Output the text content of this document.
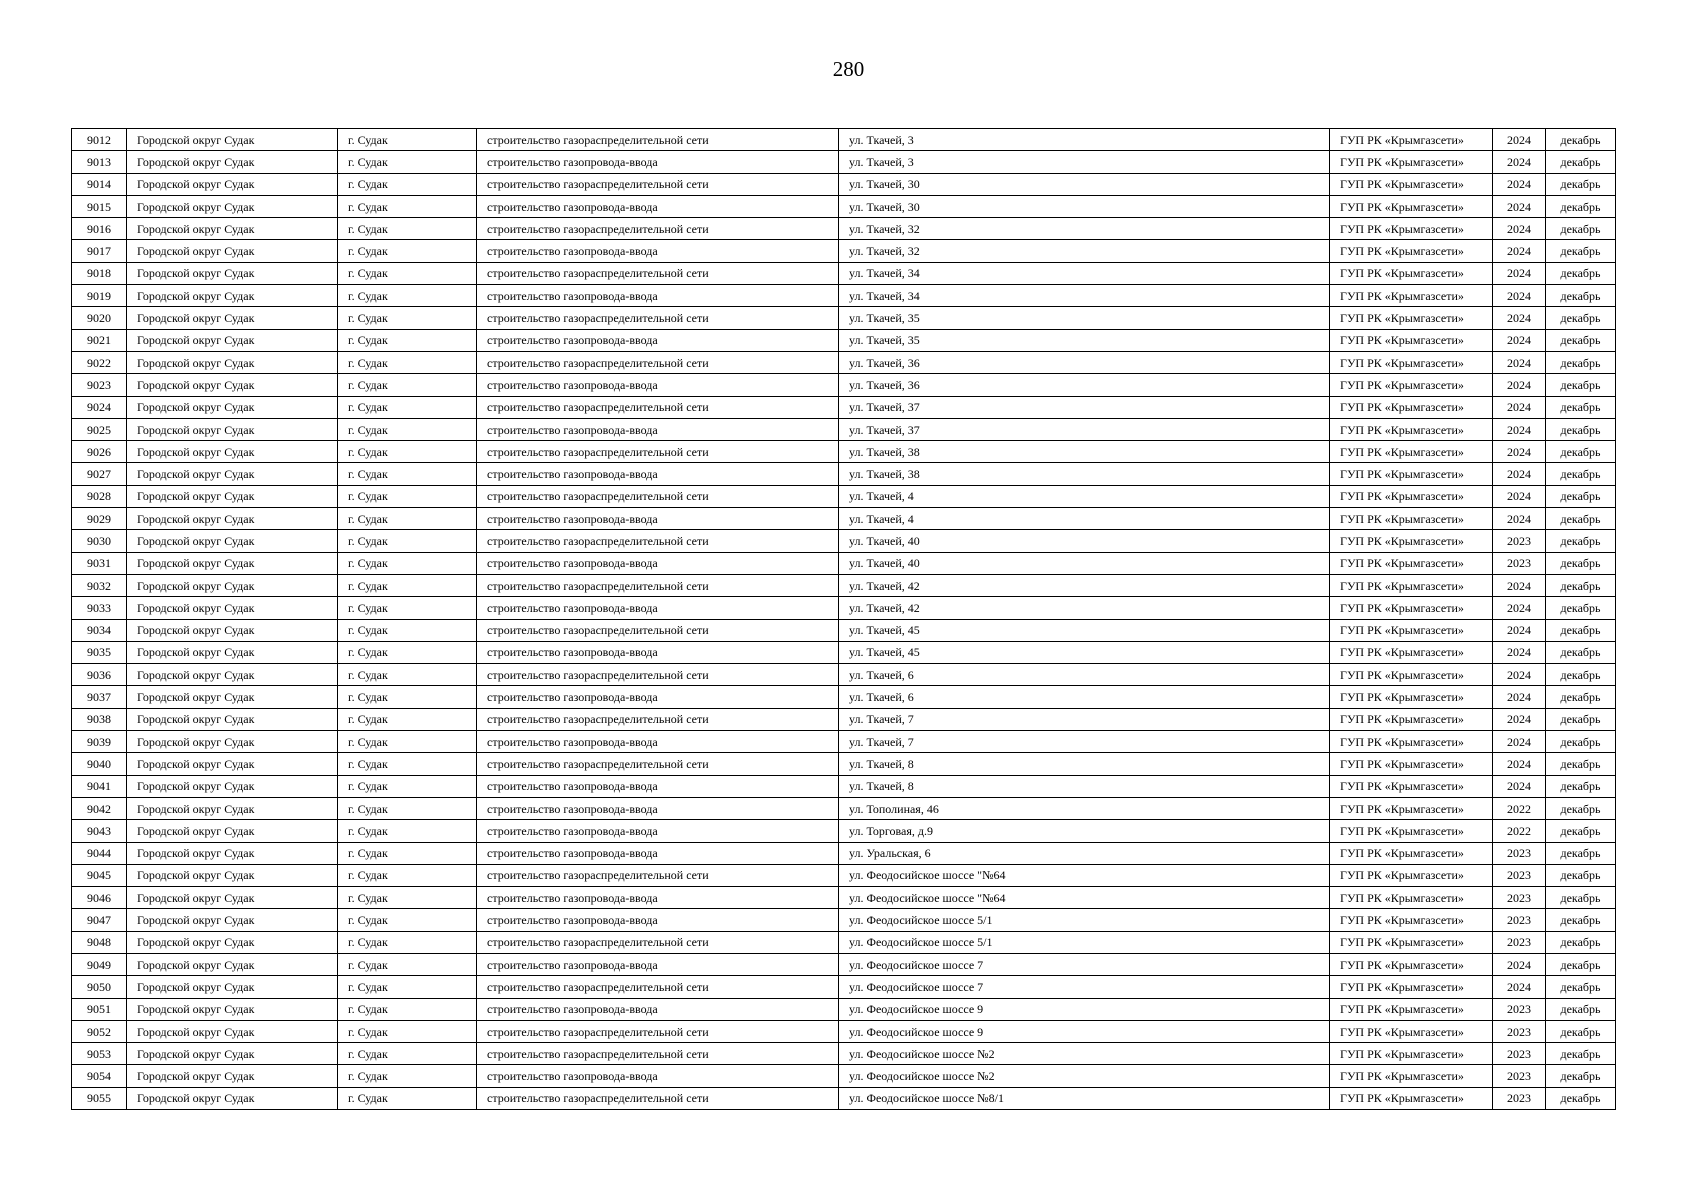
280
9012	Городской округ Судак	г. Судак	строительство газораспределительной сети	ул. Ткачей, 3	ГУП РК «Крымгазсети»	2024	декабрь
9013	Городской округ Судак	г. Судак	строительство газопровода-ввода	ул. Ткачей, 3	ГУП РК «Крымгазсети»	2024	декабрь
9014	Городской округ Судак	г. Судак	строительство газораспределительной сети	ул. Ткачей, 30	ГУП РК «Крымгазсети»	2024	декабрь
9015	Городской округ Судак	г. Судак	строительство газопровода-ввода	ул. Ткачей, 30	ГУП РК «Крымгазсети»	2024	декабрь
9016	Городской округ Судак	г. Судак	строительство газораспределительной сети	ул. Ткачей, 32	ГУП РК «Крымгазсети»	2024	декабрь
9017	Городской округ Судак	г. Судак	строительство газопровода-ввода	ул. Ткачей, 32	ГУП РК «Крымгазсети»	2024	декабрь
9018	Городской округ Судак	г. Судак	строительство газораспределительной сети	ул. Ткачей, 34	ГУП РК «Крымгазсети»	2024	декабрь
9019	Городской округ Судак	г. Судак	строительство газопровода-ввода	ул. Ткачей, 34	ГУП РК «Крымгазсети»	2024	декабрь
9020	Городской округ Судак	г. Судак	строительство газораспределительной сети	ул. Ткачей, 35	ГУП РК «Крымгазсети»	2024	декабрь
9021	Городской округ Судак	г. Судак	строительство газопровода-ввода	ул. Ткачей, 35	ГУП РК «Крымгазсети»	2024	декабрь
9022	Городской округ Судак	г. Судак	строительство газораспределительной сети	ул. Ткачей, 36	ГУП РК «Крымгазсети»	2024	декабрь
9023	Городской округ Судак	г. Судак	строительство газопровода-ввода	ул. Ткачей, 36	ГУП РК «Крымгазсети»	2024	декабрь
9024	Городской округ Судак	г. Судак	строительство газораспределительной сети	ул. Ткачей, 37	ГУП РК «Крымгазсети»	2024	декабрь
9025	Городской округ Судак	г. Судак	строительство газопровода-ввода	ул. Ткачей, 37	ГУП РК «Крымгазсети»	2024	декабрь
9026	Городской округ Судак	г. Судак	строительство газораспределительной сети	ул. Ткачей, 38	ГУП РК «Крымгазсети»	2024	декабрь
9027	Городской округ Судак	г. Судак	строительство газопровода-ввода	ул. Ткачей, 38	ГУП РК «Крымгазсети»	2024	декабрь
9028	Городской округ Судак	г. Судак	строительство газораспределительной сети	ул. Ткачей, 4	ГУП РК «Крымгазсети»	2024	декабрь
9029	Городской округ Судак	г. Судак	строительство газопровода-ввода	ул. Ткачей, 4	ГУП РК «Крымгазсети»	2024	декабрь
9030	Городской округ Судак	г. Судак	строительство газораспределительной сети	ул. Ткачей, 40	ГУП РК «Крымгазсети»	2023	декабрь
9031	Городской округ Судак	г. Судак	строительство газопровода-ввода	ул. Ткачей, 40	ГУП РК «Крымгазсети»	2023	декабрь
9032	Городской округ Судак	г. Судак	строительство газораспределительной сети	ул. Ткачей, 42	ГУП РК «Крымгазсети»	2024	декабрь
9033	Городской округ Судак	г. Судак	строительство газопровода-ввода	ул. Ткачей, 42	ГУП РК «Крымгазсети»	2024	декабрь
9034	Городской округ Судак	г. Судак	строительство газораспределительной сети	ул. Ткачей, 45	ГУП РК «Крымгазсети»	2024	декабрь
9035	Городской округ Судак	г. Судак	строительство газопровода-ввода	ул. Ткачей, 45	ГУП РК «Крымгазсети»	2024	декабрь
9036	Городской округ Судак	г. Судак	строительство газораспределительной сети	ул. Ткачей, 6	ГУП РК «Крымгазсети»	2024	декабрь
9037	Городской округ Судак	г. Судак	строительство газопровода-ввода	ул. Ткачей, 6	ГУП РК «Крымгазсети»	2024	декабрь
9038	Городской округ Судак	г. Судак	строительство газораспределительной сети	ул. Ткачей, 7	ГУП РК «Крымгазсети»	2024	декабрь
9039	Городской округ Судак	г. Судак	строительство газопровода-ввода	ул. Ткачей, 7	ГУП РК «Крымгазсети»	2024	декабрь
9040	Городской округ Судак	г. Судак	строительство газораспределительной сети	ул. Ткачей, 8	ГУП РК «Крымгазсети»	2024	декабрь
9041	Городской округ Судак	г. Судак	строительство газопровода-ввода	ул. Ткачей, 8	ГУП РК «Крымгазсети»	2024	декабрь
9042	Городской округ Судак	г. Судак	строительство газопровода-ввода	ул. Тополиная, 46	ГУП РК «Крымгазсети»	2022	декабрь
9043	Городской округ Судак	г. Судак	строительство газопровода-ввода	ул. Торговая, д.9	ГУП РК «Крымгазсети»	2022	декабрь
9044	Городской округ Судак	г. Судак	строительство газопровода-ввода	ул. Уральская, 6	ГУП РК «Крымгазсети»	2023	декабрь
9045	Городской округ Судак	г. Судак	строительство газораспределительной сети	ул. Феодосийское шоссе "№64	ГУП РК «Крымгазсети»	2023	декабрь
9046	Городской округ Судак	г. Судак	строительство газопровода-ввода	ул. Феодосийское шоссе "№64	ГУП РК «Крымгазсети»	2023	декабрь
9047	Городской округ Судак	г. Судак	строительство газопровода-ввода	ул. Феодосийское шоссе 5/1	ГУП РК «Крымгазсети»	2023	декабрь
9048	Городской округ Судак	г. Судак	строительство газораспределительной сети	ул. Феодосийское шоссе 5/1	ГУП РК «Крымгазсети»	2023	декабрь
9049	Городской округ Судак	г. Судак	строительство газопровода-ввода	ул. Феодосийское шоссе 7	ГУП РК «Крымгазсети»	2024	декабрь
9050	Городской округ Судак	г. Судак	строительство газораспределительной сети	ул. Феодосийское шоссе 7	ГУП РК «Крымгазсети»	2024	декабрь
9051	Городской округ Судак	г. Судак	строительство газопровода-ввода	ул. Феодосийское шоссе 9	ГУП РК «Крымгазсети»	2023	декабрь
9052	Городской округ Судак	г. Судак	строительство газораспределительной сети	ул. Феодосийское шоссе 9	ГУП РК «Крымгазсети»	2023	декабрь
9053	Городской округ Судак	г. Судак	строительство газораспределительной сети	ул. Феодосийское шоссе №2	ГУП РК «Крымгазсети»	2023	декабрь
9054	Городской округ Судак	г. Судак	строительство газопровода-ввода	ул. Феодосийское шоссе №2	ГУП РК «Крымгазсети»	2023	декабрь
9055	Городской округ Судак	г. Судак	строительство газораспределительной сети	ул. Феодосийское шоссе №8/1	ГУП РК «Крымгазсети»	2023	декабрь
